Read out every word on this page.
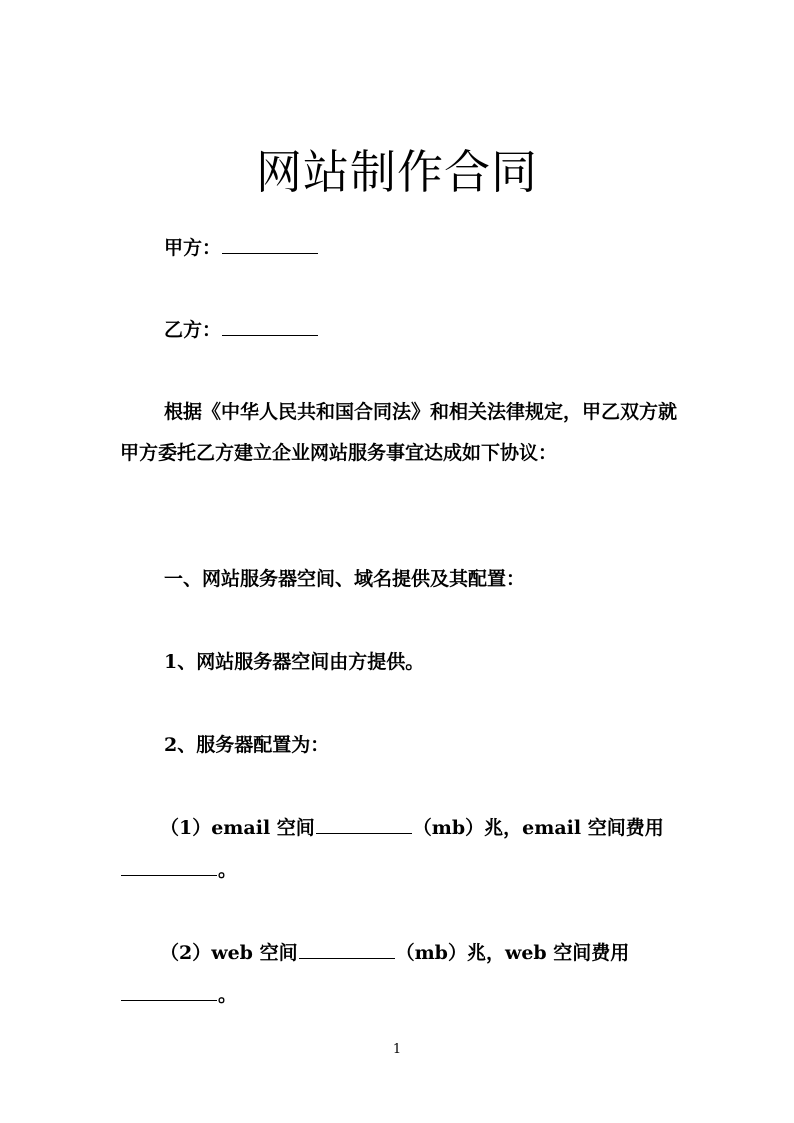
网站制作合同
甲方：
乙方：
根据《中华人民共和国合同法》和相关法律规定，甲乙双方就甲方委托乙方建立企业网站服务事宜达成如下协议：
一、网站服务器空间、域名提供及其配置：
1、网站服务器空间由方提供。
2、服务器配置为：
（1）email 空间	（mb）兆，email 空间费用
。
（2）web 空间	（mb）兆，web 空间费用
。
1
